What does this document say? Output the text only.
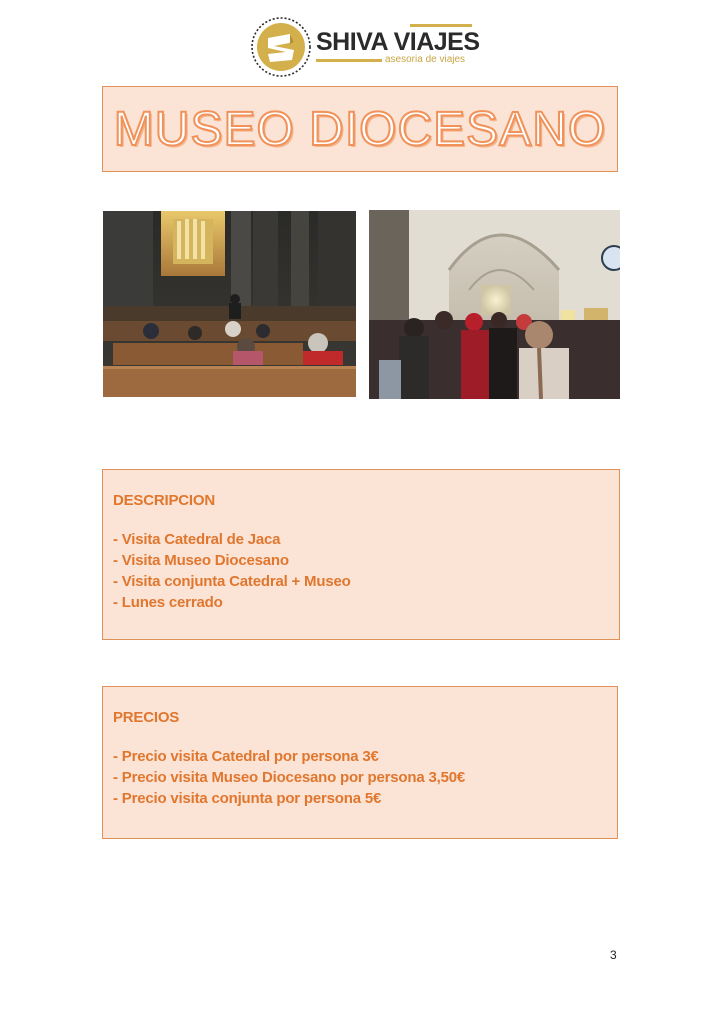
SHIVA VIAJES
asesoria de viajes
MUSEO DIOCESANO
DESCRIPCION
- Visita Catedral de Jaca
- Visita Museo Diocesano
- Visita conjunta Catedral + Museo
- Lunes cerrado
PRECIOS
- Precio visita Catedral por persona 3€
- Precio visita Museo Diocesano por persona 3,50€
- Precio visita conjunta por persona 5€
3
